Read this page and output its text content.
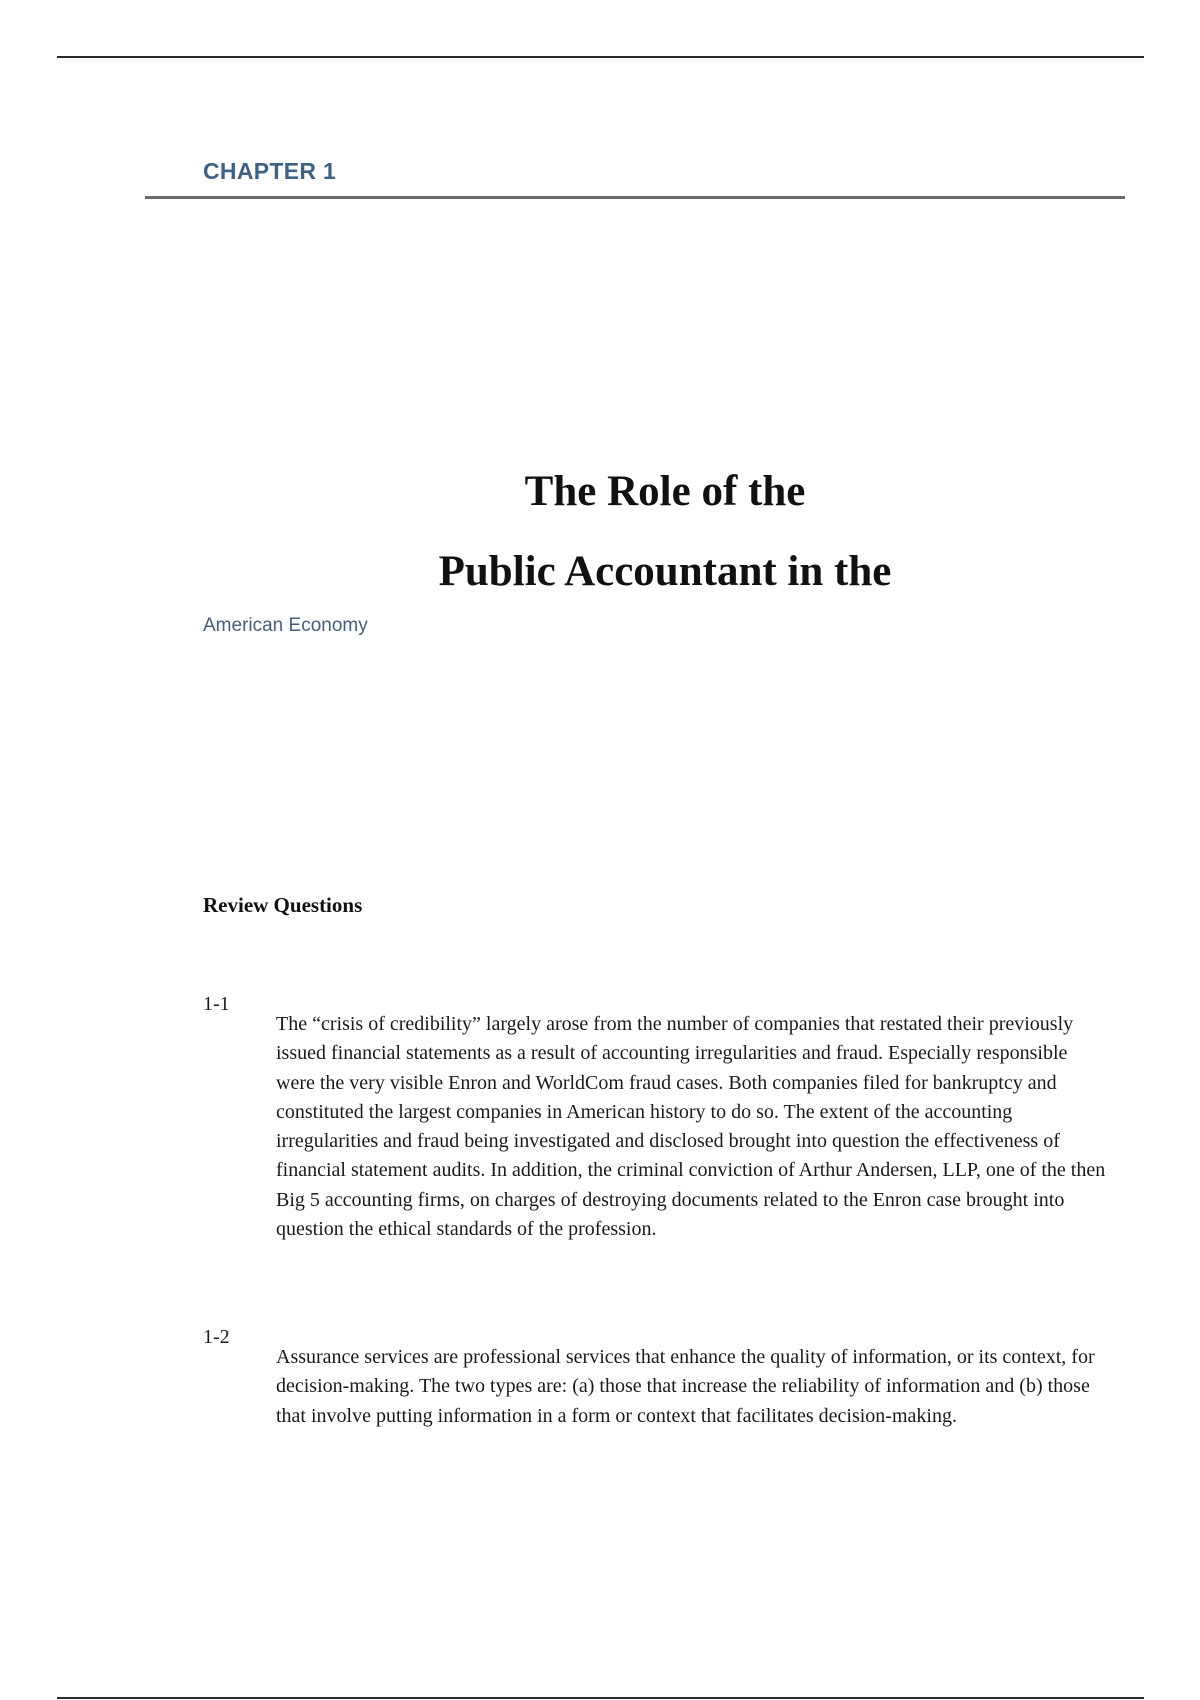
CHAPTER 1
The Role of the
Public Accountant in the

American Economy

Review Questions
1-1

The “crisis of credibility” largely arose from the number of companies that restated their previously issued financial statements as a result of accounting irregularities and fraud. Especially responsible were the very visible Enron and WorldCom fraud cases. Both companies filed for bankruptcy and constituted the largest companies in American history to do so. The extent of the accounting irregularities and fraud being investigated and disclosed brought into question the effectiveness of financial statement audits. In addition, the criminal conviction of Arthur Andersen, LLP, one of the then Big 5 accounting firms, on charges of destroying documents related to the Enron case brought into question the ethical standards of the profession.

1-2

Assurance services are professional services that enhance the quality of information, or its context, for decision-making. The two types are: (a) those that increase the reliability of information and (b) those that involve putting information in a form or context that facilitates decision-making.
